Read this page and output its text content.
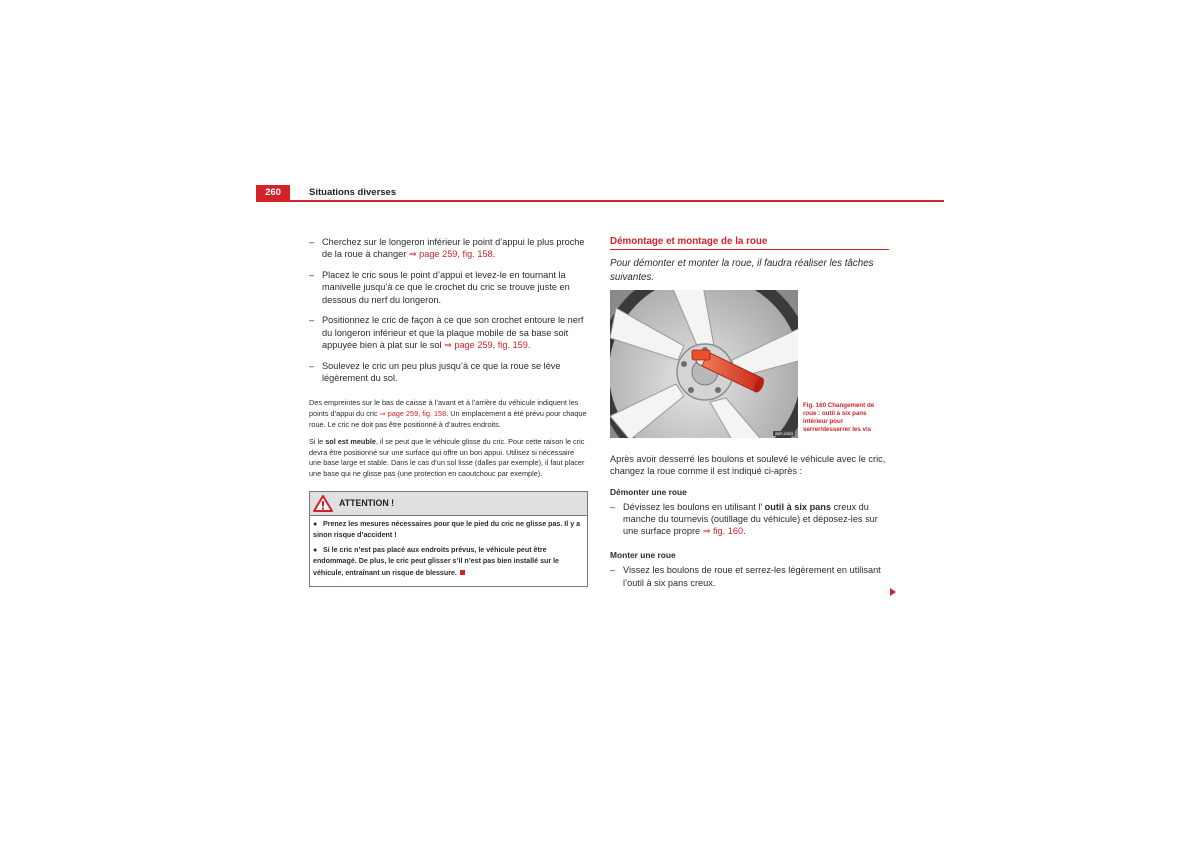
260	Situations diverses
– Cherchez sur le longeron inférieur le point d’appui le plus proche de la roue à changer ⇒ page 259, fig. 158.
– Placez le cric sous le point d’appui et levez-le en tournant la manivelle jusqu’à ce que le crochet du cric se trouve juste en dessous du nerf du longeron.
– Positionnez le cric de façon à ce que son crochet entoure le nerf du longeron inférieur et que la plaque mobile de sa base soit appuyée bien à plat sur le sol ⇒ page 259, fig. 159.
– Soulevez le cric un peu plus jusqu’à ce que la roue se lève légèrement du sol.
Des empreintes sur le bas de caisse à l’avant et à l’arrière du véhicule indiquent les points d’appui du cric ⇒ page 259, fig. 158. Un emplacement a été prévu pour chaque roue. Le cric ne doit pas être positionné à d’autres endroits.
Si le sol est meuble, il se peut que le véhicule glisse du cric. Pour cette raison le cric devra être positionné sur une surface qui offre un bon appui. Utilisez si nécessaire une base large et stable. Dans le cas d’un sol lisse (dalles par exemple), il faut placer une base qui ne glisse pas (une protection en caoutchouc par exemple).
ATTENTION !
● Prenez les mesures nécessaires pour que le pied du cric ne glisse pas. Il y a sinon risque d’accident !
● Si le cric n’est pas placé aux endroits prévus, le véhicule peut être endommagé. De plus, le cric peut glisser s’il n’est pas bien installé sur le véhicule, entraînant un risque de blessure.
Démontage et montage de la roue
Pour démonter et monter la roue, il faudra réaliser les tâches suivantes.
B5F-0303
Fig. 160 Changement de roue : outil à six pans intérieur pour serrer/desserrer les vis
Après avoir desserré les boulons et soulevé le véhicule avec le cric, changez la roue comme il est indiqué ci-après :
Démonter une roue
– Dévissez les boulons en utilisant l’ outil à six pans creux du manche du tournevis (outillage du véhicule) et déposez-les sur une surface propre ⇒ fig. 160.
Monter une roue
– Vissez les boulons de roue et serrez-les légèrement en utilisant l’outil à six pans creux.
